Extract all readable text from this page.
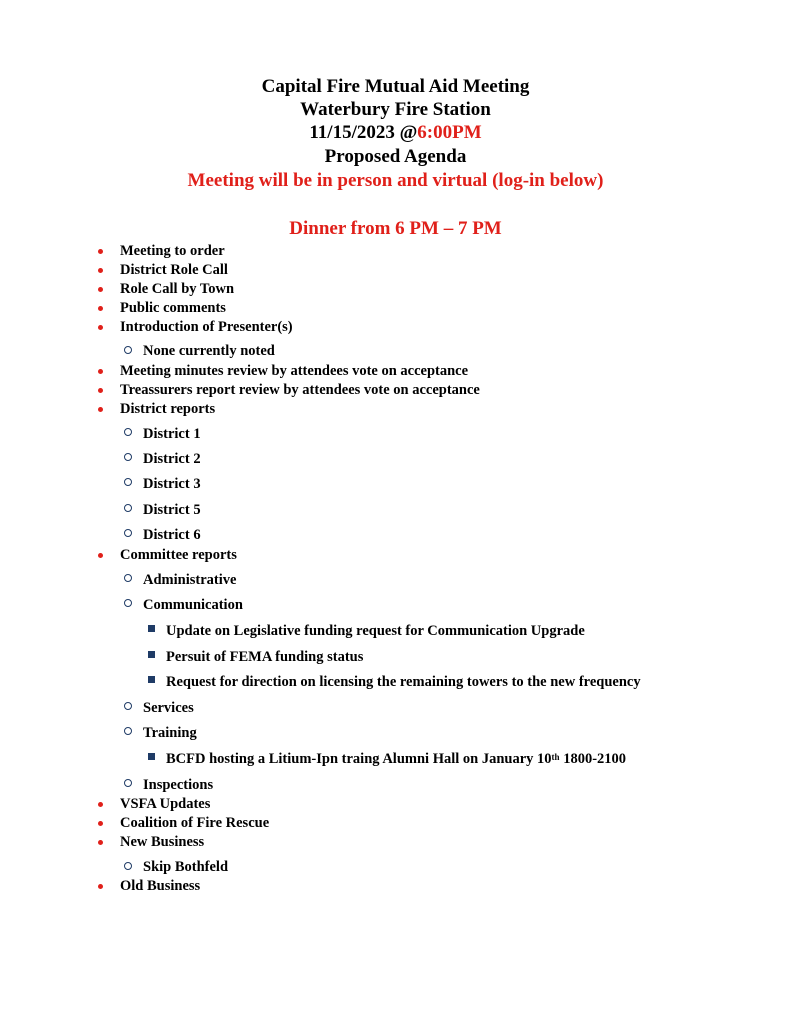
Capital Fire Mutual Aid Meeting
Waterbury Fire Station
11/15/2023 @6:00PM
Proposed Agenda
Meeting will be in person and virtual (log-in below)
Dinner from 6 PM – 7 PM
Meeting to order
District Role Call
Role Call by Town
Public comments
Introduction of Presenter(s)
None currently noted
Meeting minutes review by attendees vote on acceptance
Treassurers report review by attendees vote on acceptance
District reports
District 1
District 2
District 3
District 5
District 6
Committee reports
Administrative
Communication
Update on Legislative funding request for Communication Upgrade
Persuit of FEMA funding status
Request for direction on licensing the remaining towers to the new frequency
Services
Training
BCFD hosting a Litium-Ipn traing Alumni Hall on January 10th 1800-2100
Inspections
VSFA Updates
Coalition of Fire Rescue
New Business
Skip Bothfeld
Old Business
